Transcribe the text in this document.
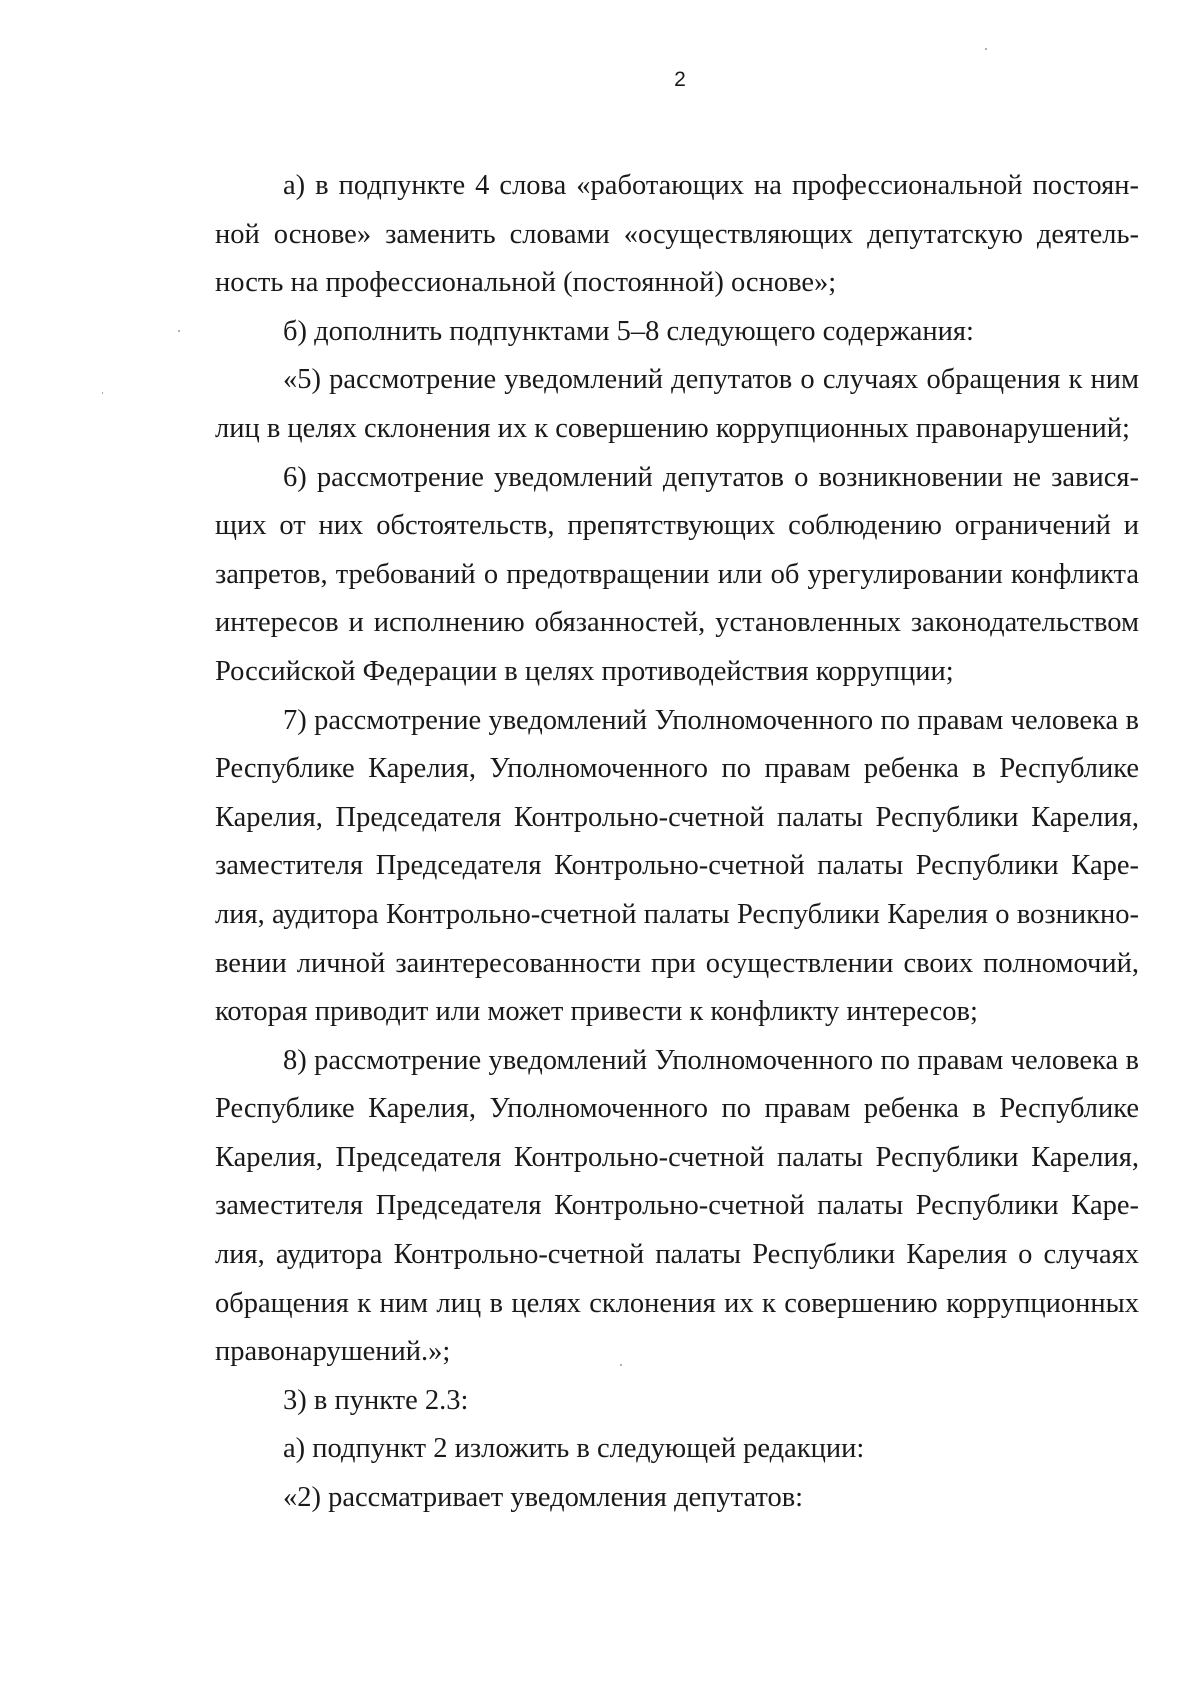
2

а) в подпункте 4 слова «работающих на профессиональной постоянной основе» заменить словами «осуществляющих депутатскую деятельность на профессиональной (постоянной) основе»;

б) дополнить подпунктами 5–8 следующего содержания:

«5) рассмотрение уведомлений депутатов о случаях обращения к ним лиц в целях склонения их к совершению коррупционных правонарушений;

6) рассмотрение уведомлений депутатов о возникновении не зависящих от них обстоятельств, препятствующих соблюдению ограничений и запретов, требований о предотвращении или об урегулировании конфликта интересов и исполнению обязанностей, установленных законодательством Российской Федерации в целях противодействия коррупции;

7) рассмотрение уведомлений Уполномоченного по правам человека в Республике Карелия, Уполномоченного по правам ребенка в Республике Карелия, Председателя Контрольно-счетной палаты Республики Карелия, заместителя Председателя Контрольно-счетной палаты Республики Карелия, аудитора Контрольно-счетной палаты Республики Карелия о возникновении личной заинтересованности при осуществлении своих полномочий, которая приводит или может привести к конфликту интересов;

8) рассмотрение уведомлений Уполномоченного по правам человека в Республике Карелия, Уполномоченного по правам ребенка в Республике Карелия, Председателя Контрольно-счетной палаты Республики Карелия, заместителя Председателя Контрольно-счетной палаты Республики Карелия, аудитора Контрольно-счетной палаты Республики Карелия о случаях обращения к ним лиц в целях склонения их к совершению коррупционных правонарушений.»;

3) в пункте 2.3:

а) подпункт 2 изложить в следующей редакции:

«2) рассматривает уведомления депутатов:
